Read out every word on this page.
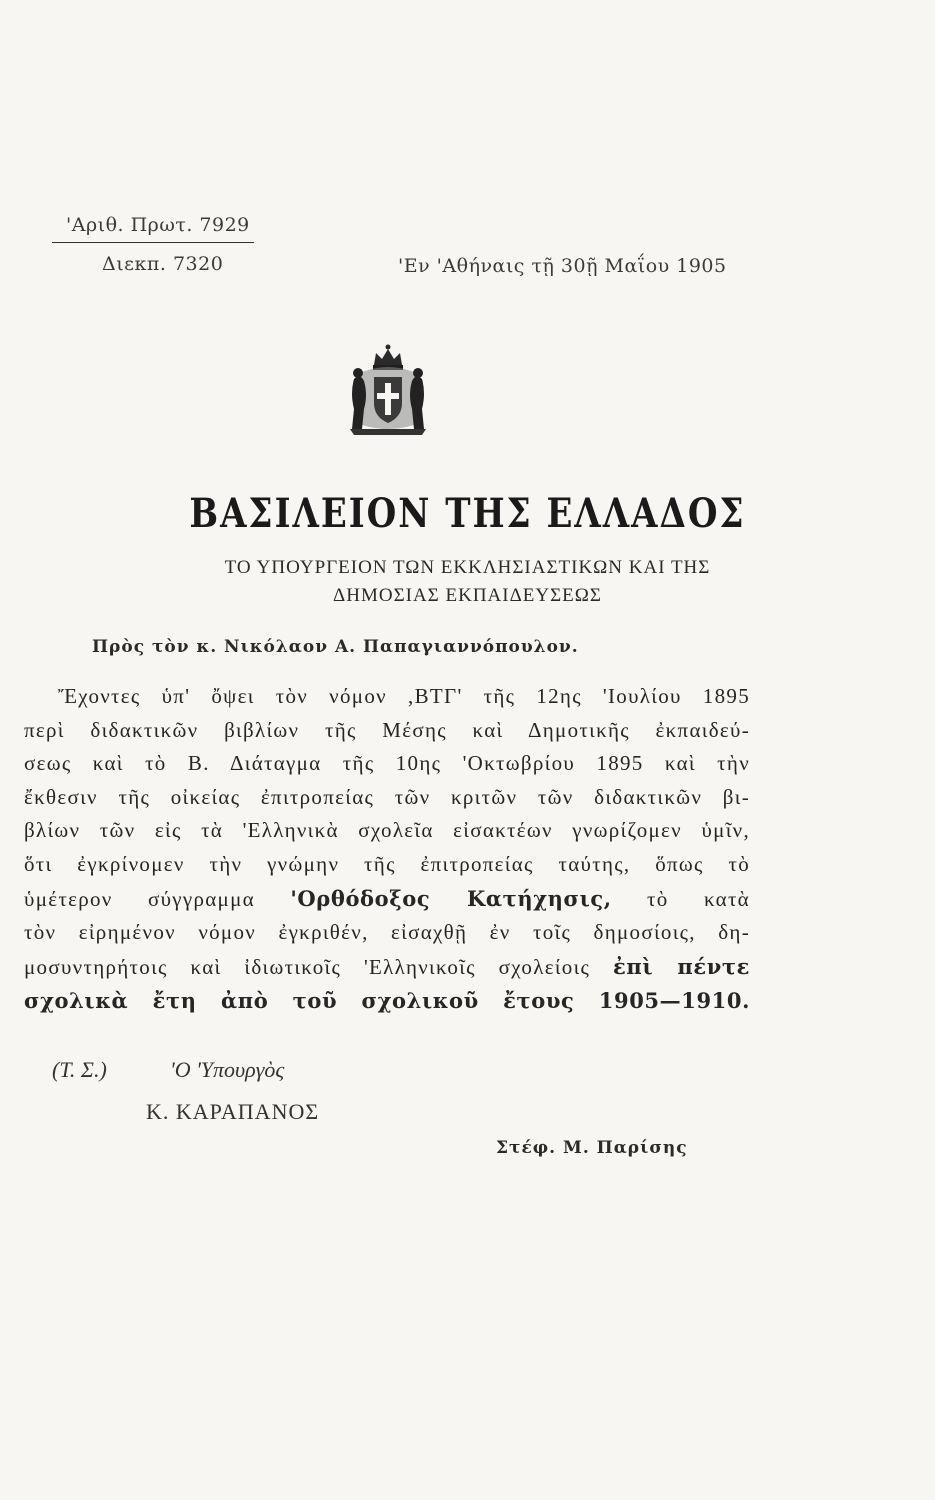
'Αριθ. Πρωτ. 7929
Διεκπ. 7320	'Εν 'Αθήναις τῇ 30ῇ Μαΐου 1905
ΒΑΣΙΛΕΙΟΝ ΤΗΣ ΕΛΛΑΔΟΣ
ΤΟ ΥΠΟΥΡΓΕΙΟΝ ΤΩΝ ΕΚΚΛΗΣΙΑΣΤΙΚΩΝ ΚΑΙ ΤΗΣ
ΔΗΜΟΣΙΑΣ ΕΚΠΑΙΔΕΥΣΕΩΣ
Πρὸς τὸν κ. Νικόλαον Α. Παπαγιαννόπουλον.
Ἔχοντες ὑπ' ὄψει τὸν νόμον ,ΒΤΓ' τῆς 12ης 'Ιουλίου 1895
περὶ διδακτικῶν βιβλίων τῆς Μέσης καὶ Δημοτικῆς ἐκπαιδεύ-
σεως καὶ τὸ Β. Διάταγμα τῆς 10ης 'Οκτωβρίου 1895 καὶ τὴν
ἔκθεσιν τῆς οἰκείας ἐπιτροπείας τῶν κριτῶν τῶν διδακτικῶν βι-
βλίων τῶν εἰς τὰ 'Ελληνικὰ σχολεῖα εἰσακτέων γνωρίζομεν ὑμῖν,
ὅτι ἐγκρίνομεν τὴν γνώμην τῆς ἐπιτροπείας ταύτης, ὅπως τὸ
ὑμέτερον σύγγραμμα 'Ορθόδοξος Κατήχησις, τὸ κατὰ
τὸν εἰρημένον νόμον ἐγκριθέν, εἰσαχθῇ ἐν τοῖς δημοσίοις, δη-
μοσυντηρήτοις καὶ ἰδιωτικοῖς 'Ελληνικοῖς σχολείοις ἐπὶ πέντε
σχολικὰ ἔτη ἀπὸ τοῦ σχολικοῦ ἔτους 1905—1910.
(Τ. Σ.)	'Ο 'Υπουργὸς
Κ. ΚΑΡΑΠΑΝΟΣ
Στέφ. Μ. Παρίσης
